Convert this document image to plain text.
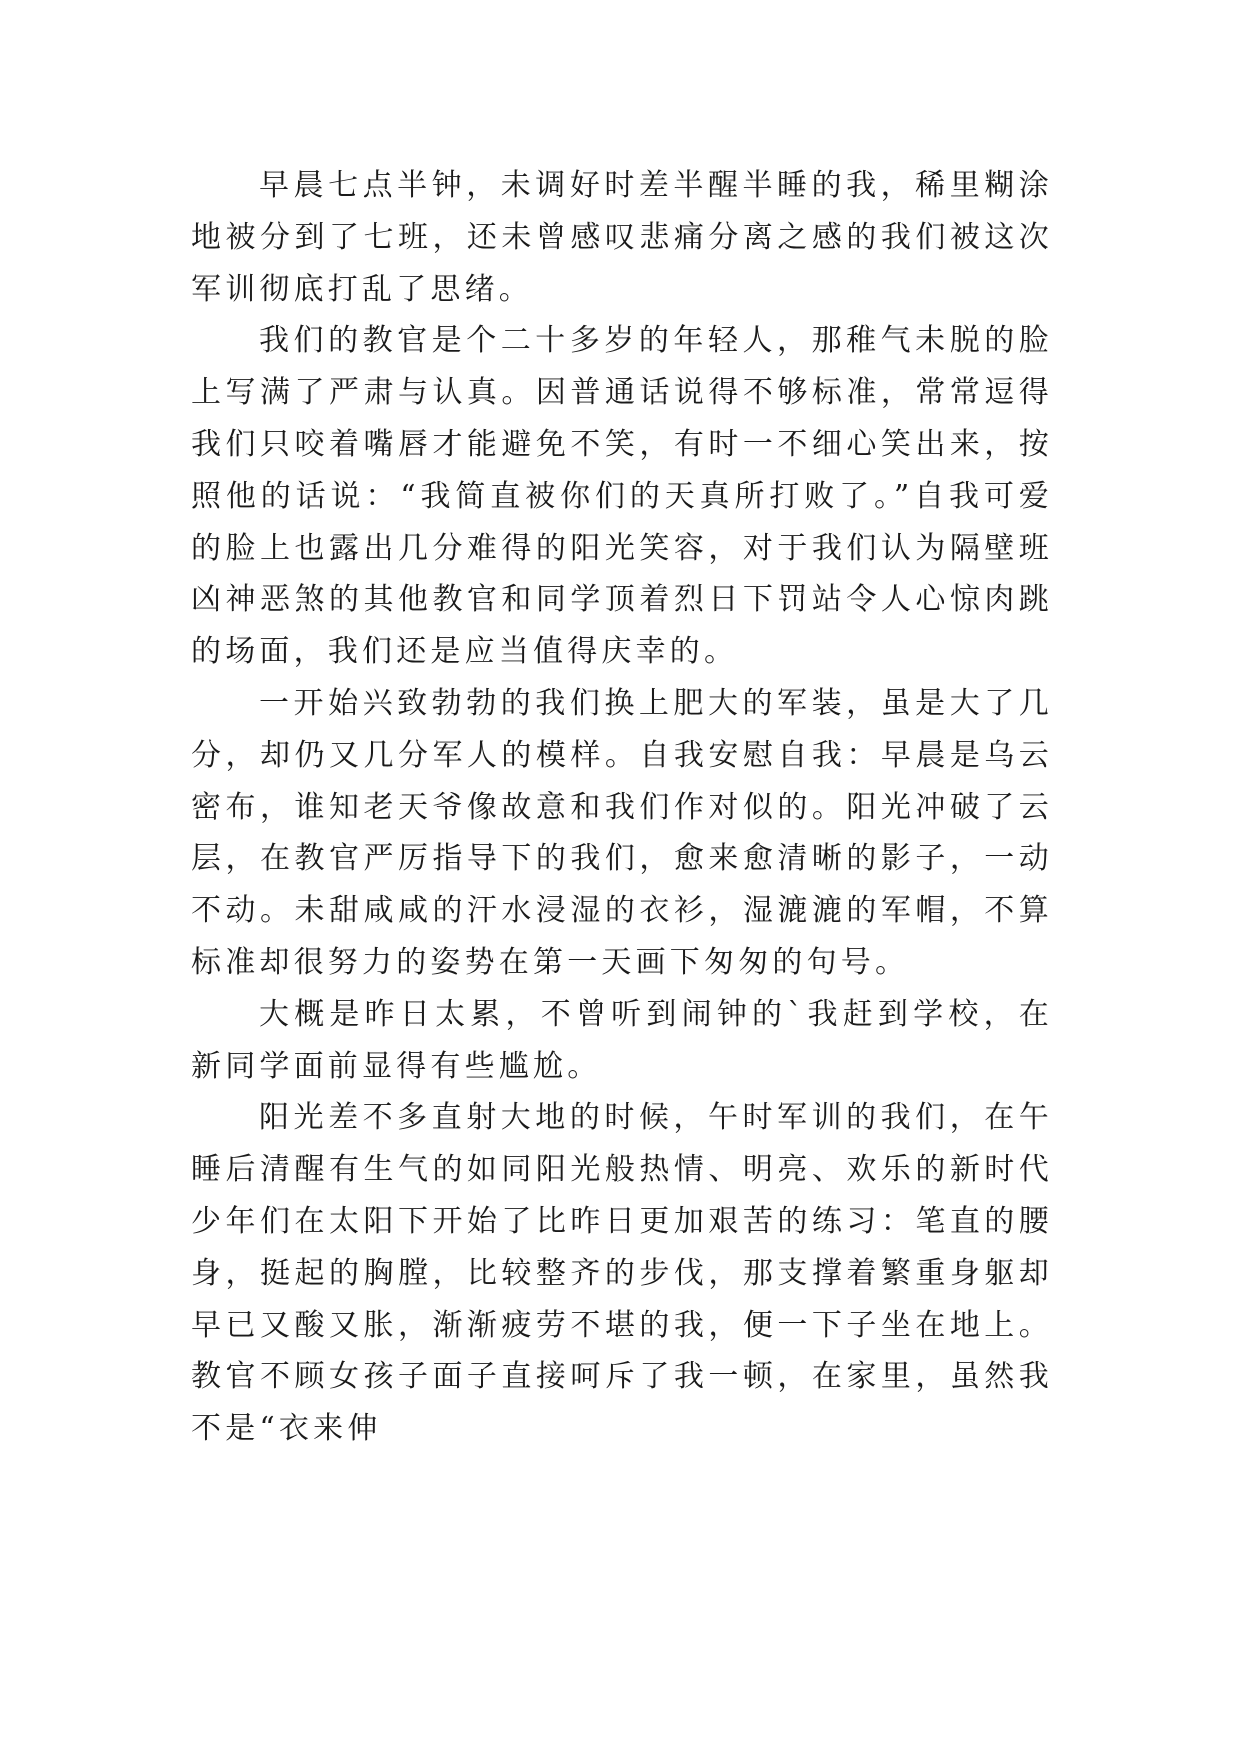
早晨七点半钟，未调好时差半醒半睡的我，稀里糊涂地被分到了七班，还未曾感叹悲痛分离之感的我们被这次军训彻底打乱了思绪。

我们的教官是个二十多岁的年轻人，那稚气未脱的脸上写满了严肃与认真。因普通话说得不够标准，常常逗得我们只咬着嘴唇才能避免不笑，有时一不细心笑出来，按照他的话说：“我简直被你们的天真所打败了。”自我可爱的脸上也露出几分难得的阳光笑容，对于我们认为隔壁班凶神恶煞的其他教官和同学顶着烈日下罚站令人心惊肉跳的场面，我们还是应当值得庆幸的。

一开始兴致勃勃的我们换上肥大的军装，虽是大了几分，却仍又几分军人的模样。自我安慰自我：早晨是乌云密布，谁知老天爷像故意和我们作对似的。阳光冲破了云层，在教官严厉指导下的我们，愈来愈清晰的影子，一动不动。未甜咸咸的汗水浸湿的衣衫，湿漉漉的军帽，不算标准却很努力的姿势在第一天画下匆匆的句号。

大概是昨日太累，不曾听到闹钟的`我赶到学校，在新同学面前显得有些尴尬。

阳光差不多直射大地的时候，午时军训的我们，在午睡后清醒有生气的如同阳光般热情、明亮、欢乐的新时代少年们在太阳下开始了比昨日更加艰苦的练习：笔直的腰身，挺起的胸膛，比较整齐的步伐，那支撑着繁重身躯却早已又酸又胀，渐渐疲劳不堪的我，便一下子坐在地上。教官不顾女孩子面子直接呵斥了我一顿，在家里，虽然我不是“衣来伸
